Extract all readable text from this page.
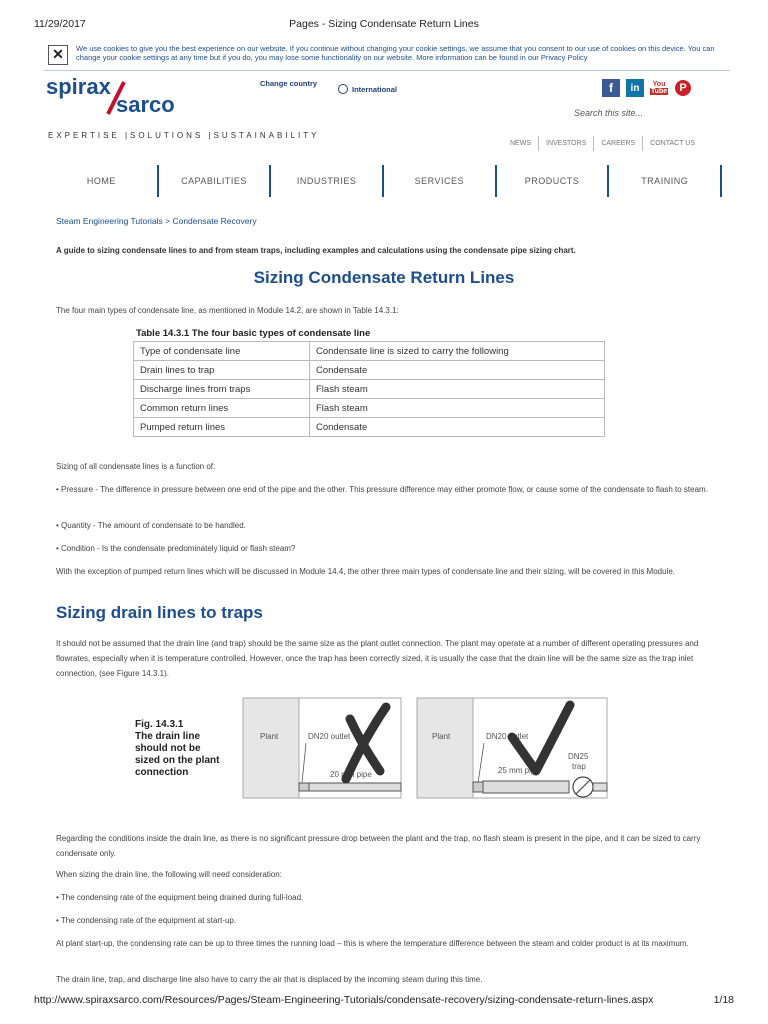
11/29/2017	Pages - Sizing Condensate Return Lines
✕	We use cookies to give you the best experience on our website. If you continue without changing your cookie settings, we assume that you consent to our use of cookies on this device. You can change your cookie settings at any time but if you do, you may lose some functionality on our website. More information can be found in our Privacy Policy
spirax
sarco
Change country
International	f	in	You
Tube	P
Search this site...
EXPERTISE |SOLUTIONS |SUSTAINABILITY
NEWS	INVESTORS	CAREERS	CONTACT US
HOME	CAPABILITIES	INDUSTRIES	SERVICES	PRODUCTS	TRAINING
Steam Engineering Tutorials > Condensate Recovery
A guide to sizing condensate lines to and from steam traps, including examples and calculations using the condensate pipe sizing chart.
Sizing Condensate Return Lines

The four main types of condensate line, as mentioned in Module 14.2, are shown in Table 14.3.1:

Table 14.3.1 The four basic types of condensate line
Type of condensate line	Condensate line is sized to carry the following
Drain lines to trap	Condensate
Discharge lines from traps	Flash steam
Common return lines	Flash steam
Pumped return lines	Condensate

Sizing of all condensate lines is a function of:

• Pressure - The difference in pressure between one end of the pipe and the other. This pressure difference may either promote flow, or cause some of the condensate to flash to steam.

• Quantity - The amount of condensate to be handled.

• Condition - Is the condensate predominately liquid or flash steam?

With the exception of pumped return lines which will be discussed in Module 14.4, the other three main types of condensate line and their sizing, will be covered in this Module.

Sizing drain lines to traps

It should not be assumed that the drain line (and trap) should be the same size as the plant outlet connection. The plant may operate at a number of different operating pressures and flowrates, especially when it is temperature controlled. However, once the trap has been correctly sized, it is usually the case that the drain line will be the same size as the trap inlet connection, (see Figure 14.3.1).

Fig. 14.3.1
The drain line
should not be
sized on the plant
connection
Plant	DN20 outlet
20 mm pipe
Plant	DN20 outlet
25 mm pipe
DN25
trap

Regarding the conditions inside the drain line, as there is no significant pressure drop between the plant and the trap, no flash steam is present in the pipe, and it can be sized to carry condensate only.

When sizing the drain line, the following will need consideration:

• The condensing rate of the equipment being drained during full-load.

• The condensing rate of the equipment at start-up.

At plant start-up, the condensing rate can be up to three times the running load – this is where the temperature difference between the steam and colder product is at its maximum.

The drain line, trap, and discharge line also have to carry the air that is displaced by the incoming steam during this time.

http://www.spiraxsarco.com/Resources/Pages/Steam-Engineering-Tutorials/condensate-recovery/sizing-condensate-return-lines.aspx	1/18
